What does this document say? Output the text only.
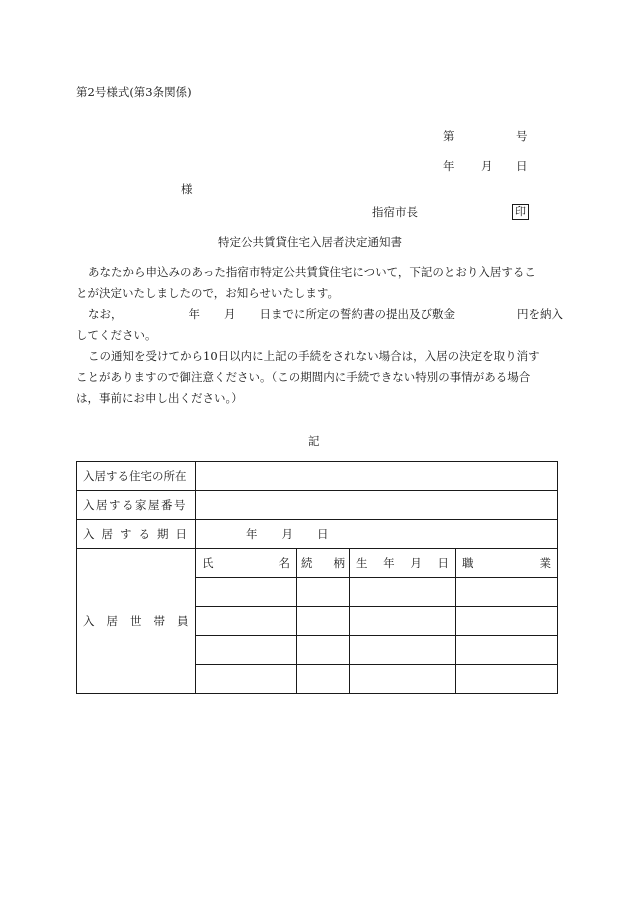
第2号様式(第3条関係)
第	号
年 月 日
様
指宿市長	印
特定公共賃貸住宅入居者決定通知書
あなたから申込みのあった指宿市特定公共賃貸住宅について，下記のとおり入居するこ
とが決定いたしましたので，お知らせいたします。
なお，	年 月 日までに所定の誓約書の提出及び敷金	円を納入
してください。
この通知を受けてから10日以内に上記の手続をされない場合は，入居の決定を取り消す
ことがありますので御注意ください。（この期間内に手続できない特別の事情がある場合
は，事前にお申し出ください。）
記
入居する住宅の所在				
入居する家屋番号				
入居する期日	年 月 日			
入居世帯員	氏 名	続 柄	生 年 月 日	職 業
